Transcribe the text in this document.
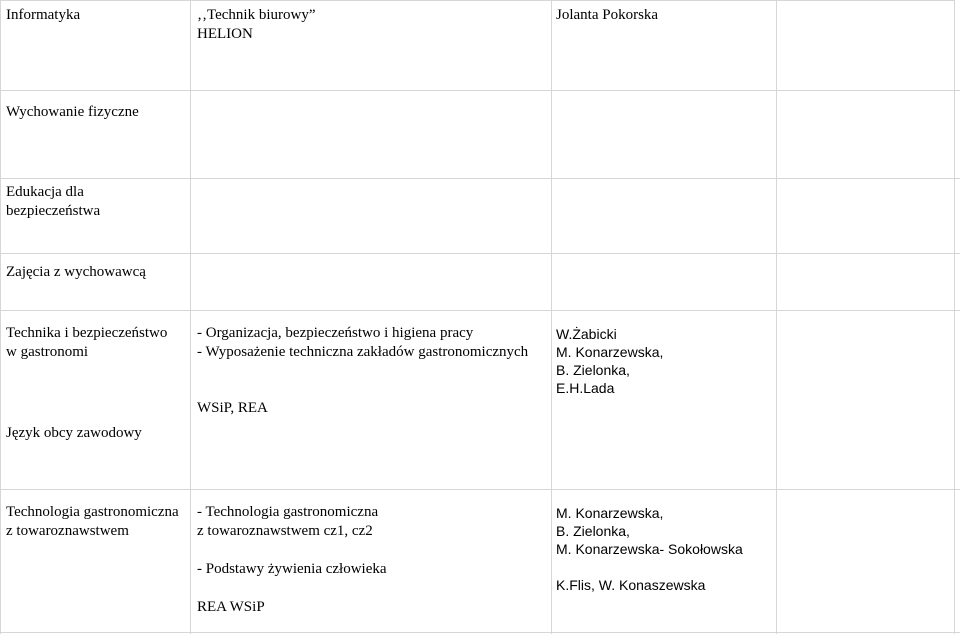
Informatyka	‚‚Technik biurowy”
HELION
Jolanta Pokorska
Wychowanie fizyczne
Edukacja dla
bezpieczeństwa
Zajęcia z wychowawcą
Technika i bezpieczeństwo
w gastronomi
Język obcy zawodowy
- Organizacja, bezpieczeństwo i higiena pracy
- Wyposażenie techniczna zakładów gastronomicznych
WSiP, REA
W.Żabicki
M. Konarzewska,
B. Zielonka,
E.H.Lada
Technologia gastronomiczna
z towaroznawstwem
- Technologia gastronomiczna
z towaroznawstwem cz1, cz2

- Podstawy żywienia człowieka

REA WSiP
M. Konarzewska,
B. Zielonka,
M. Konarzewska- Sokołowska

K.Flis, W. Konaszewska
